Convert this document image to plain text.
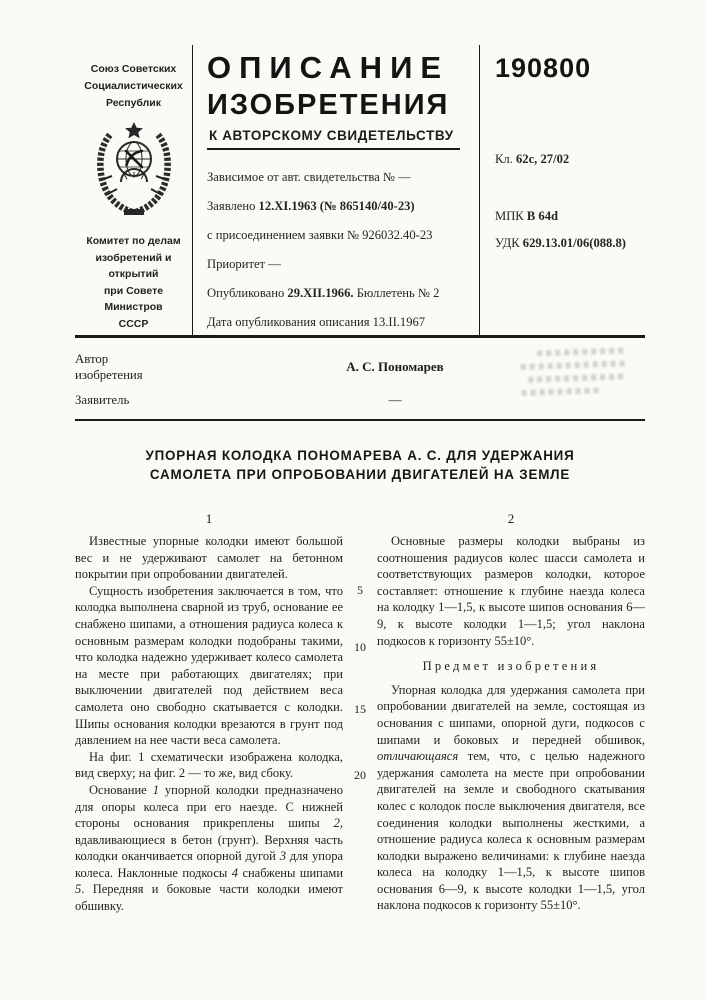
Союз Советских
Социалистических
Республик
Комитет по делам
изобретений и открытий
при Совете Министров
СССР
ОПИСАНИЕ
ИЗОБРЕТЕНИЯ
К АВТОРСКОМУ СВИДЕТЕЛЬСТВУ
Зависимое от авт. свидетельства № —
Заявлено 12.XI.1963 (№ 865140/40-23)
с присоединением заявки № 926032.40-23
Приоритет —
Опубликовано 29.XII.1966. Бюллетень № 2
Дата опубликования описания 13.II.1967
190800
Кл. 62с, 27/02
МПК В 64d
УДК 629.13.01/06(088.8)
Автор
изобретения
А. С. Пономарев
Заявитель	—
УПОРНАЯ КОЛОДКА ПОНОМАРЕВА А. С. ДЛЯ УДЕРЖАНИЯ
САМОЛЕТА ПРИ ОПРОБОВАНИИ ДВИГАТЕЛЕЙ НА ЗЕМЛЕ
1

Известные упорные колодки имеют большой вес и не удерживают самолет на бетонном покрытии при опробовании двигателей.

Сущность изобретения заключается в том, что колодка выполнена сварной из труб, основание ее снабжено шипами, а отношения радиуса колеса к основным размерам колодки подобраны такими, что колодка надежно удерживает колесо самолета на месте при работающих двигателях; при выключении двигателей под действием веса самолета оно свободно скатывается с колодки. Шипы основания колодки врезаются в грунт под давлением на нее части веса самолета.

На фиг. 1 схематически изображена колодка, вид сверху; на фиг. 2 — то же, вид сбоку.

Основание 1 упорной колодки предназначено для опоры колеса при его наезде. С нижней стороны основания прикреплены шипы 2, вдавливающиеся в бетон (грунт). Верхняя часть колодки оканчивается опорной дугой 3 для упора колеса. Наклонные подкосы 4 снабжены шипами 5. Передняя и боковые части колодки имеют обшивку.

5
10
15
20
2

Основные размеры колодки выбраны из соотношения радиусов колес шасси самолета и соответствующих размеров колодки, которое составляет: отношение к глубине наезда колеса на колодку 1—1,5, к высоте шипов основания 6—9, к высоте колодки 1—1,5; угол наклона подкосов к горизонту 55±10°.

Предмет изобретения

Упорная колодка для удержания самолета при опробовании двигателей на земле, состоящая из основания с шипами, опорной дуги, подкосов с шипами и боковых и передней обшивок, отличающаяся тем, что, с целью надежного удержания самолета на месте при опробовании двигателей на земле и свободного скатывания колес с колодок после выключения двигателя, все соединения колодки выполнены жесткими, а отношение радиуса колеса к основным размерам колодки выражено величинами: к глубине наезда колеса на колодку 1—1,5, к высоте шипов основания 6—9, к высоте колодки 1—1,5, угол наклона подкосов к горизонту 55±10°.
